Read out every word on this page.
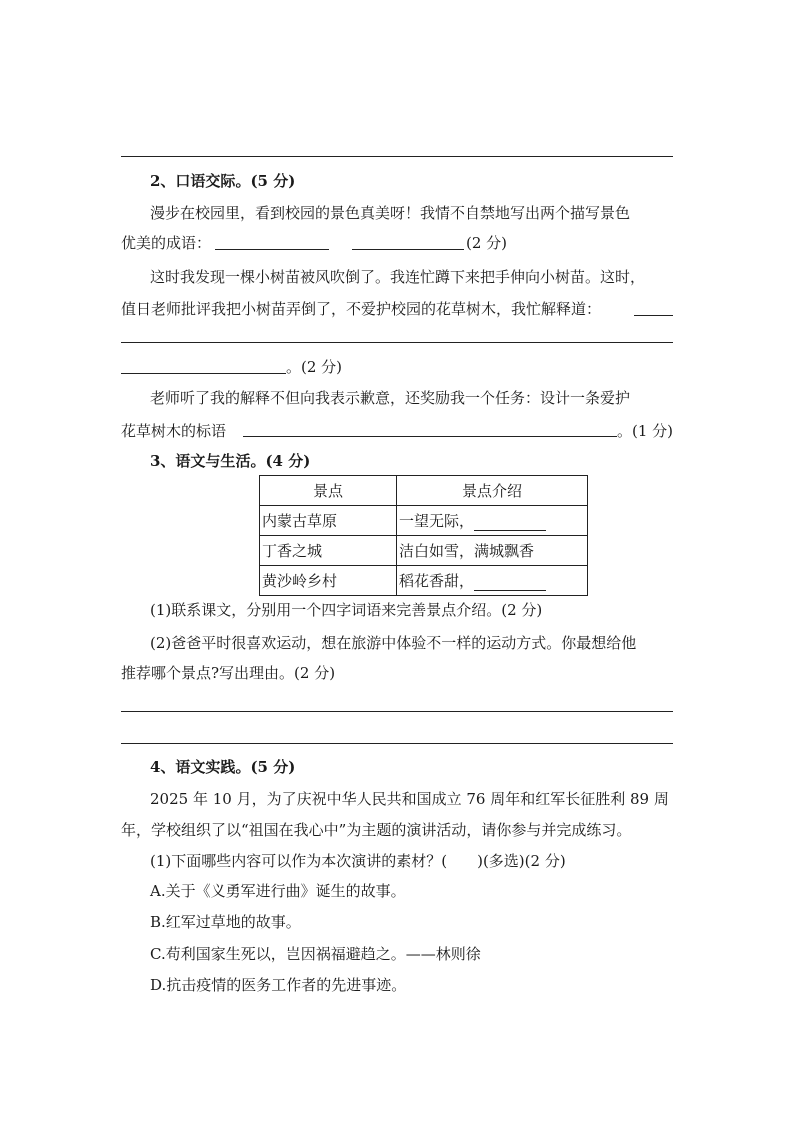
2、口语交际。(5 分)
漫步在校园里，看到校园的景色真美呀！我情不自禁地写出两个描写景色
优美的成语：	(2 分)
这时我发现一棵小树苗被风吹倒了。我连忙蹲下来把手伸向小树苗。这时，
值日老师批评我把小树苗弄倒了，不爱护校园的花草树木，我忙解释道：
。(2 分)
老师听了我的解释不但向我表示歉意，还奖励我一个任务：设计一条爱护
花草树木的标语	。(1 分)
3、语文与生活。(4 分)
景点	景点介绍
内蒙古草原	一望无际，
丁香之城	洁白如雪，满城飘香
黄沙岭乡村	稻花香甜，
(1)联系课文，分别用一个四字词语来完善景点介绍。(2 分)
(2)爸爸平时很喜欢运动，想在旅游中体验不一样的运动方式。你最想给他
推荐哪个景点?写出理由。(2 分)
4、语文实践。(5 分)
2025 年 10 月，为了庆祝中华人民共和国成立 76 周年和红军长征胜利 89 周
年，学校组织了以“祖国在我心中”为主题的演讲活动，请你参与并完成练习。
(1)下面哪些内容可以作为本次演讲的素材？(　　)(多选)(2 分)
A.关于《义勇军进行曲》诞生的故事。
B.红军过草地的故事。
C.苟利国家生死以，岂因祸福避趋之。——林则徐
D.抗击疫情的医务工作者的先进事迹。
